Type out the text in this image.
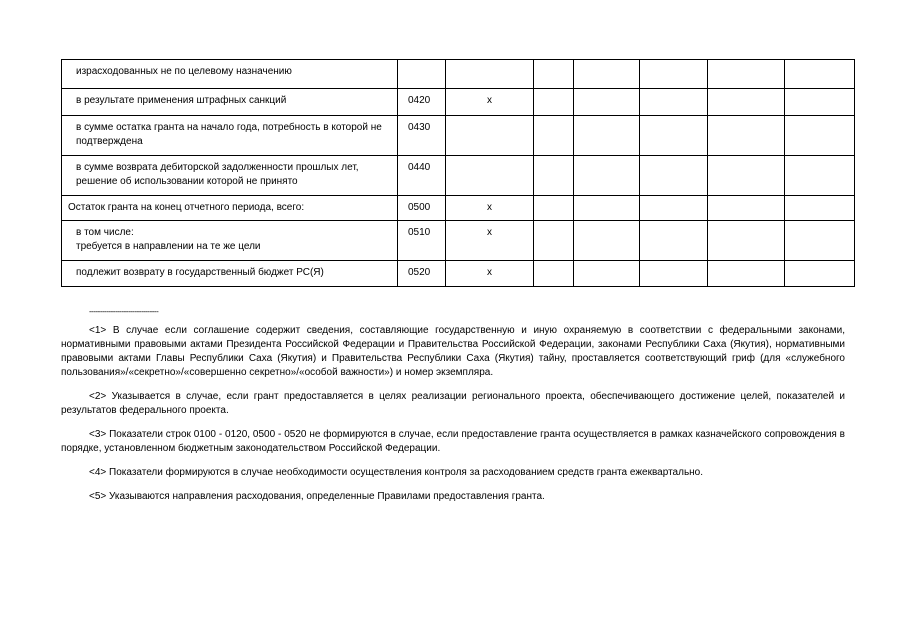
израсходованных не по целевому назначению							
в результате применения штрафных санкций	0420	x					
в сумме остатка гранта на начало года, потребность в которой не подтверждена	0430						
в сумме возврата дебиторской задолженности прошлых лет, решение об использовании которой не принято	0440						
Остаток гранта на конец отчетного периода, всего:	0500	x					
в том числе:
требуется в направлении на те же цели	0510	x					
подлежит возврату в государственный бюджет РС(Я)	0520	x					
--------------------------------

<1> В случае если соглашение содержит сведения, составляющие государственную и иную охраняемую в соответствии с федеральными законами, нормативными правовыми актами Президента Российской Федерации и Правительства Российской Федерации, законами Республики Саха (Якутия), нормативными правовыми актами Главы Республики Саха (Якутия) и Правительства Республики Саха (Якутия) тайну, проставляется соответствующий гриф (для «служебного пользования»/«секретно»/«совершенно секретно»/«особой важности») и номер экземпляра.

<2> Указывается в случае, если грант предоставляется в целях реализации регионального проекта, обеспечивающего достижение целей, показателей и результатов федерального проекта.

<3> Показатели строк 0100 - 0120, 0500 - 0520 не формируются в случае, если предоставление гранта осуществляется в рамках казначейского сопровождения в порядке, установленном бюджетным законодательством Российской Федерации.

<4> Показатели формируются в случае необходимости осуществления контроля за расходованием средств гранта ежеквартально.

<5> Указываются направления расходования, определенные Правилами предоставления гранта.
